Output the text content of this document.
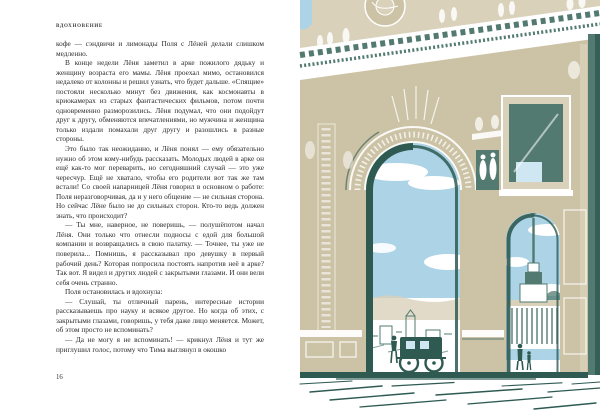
ВДОХНОВЕНИЕ

кофе — сэндвичи и лимонады Поля с Лёней делали слишком медленно.

В конце недели Лёня заметил в арке пожилого дядьку и женщину возраста его мамы. Лёня проехал мимо, остановился недалеко от колонны и решил узнать, что будет дальше. «Спящие» постояли несколько минут без движения, как космонавты в криокамерах из старых фантастических фильмов, потом почти одновременно разморозились. Лёня подумал, что они подойдут друг к другу, обменяются впечатлениями, но мужчина и женщина только издали помахали друг другу и разошлись в разные стороны.

Это было так неожиданно, и Лёня понял — ему обязательно нужно об этом кому-нибудь рассказать. Молодых людей в арке он ещё как-то мог переварить, но сегодняшний случай — это уже чересчур. Ещё не хватало, чтобы его родители вот так же там встали! Со своей напарницей Лёня говорил в основном о работе: Поля неразговорчивая, да и у него общение — не сильная сторона. Но сейчас Лёне было не до сильных сторон. Кто-то ведь должен знать, что происходит?

— Ты мне, наверное, не поверишь, — полушёпотом начал Лёня. Они только что отнесли подносы с едой для большой компании и возвращались в свою палатку. — Точнее, ты уже не поверила... Помнишь, я рассказывал про девушку в первый рабочий день? Которая попросила постоять напротив неё в арке? Так вот. Я видел и других людей с закрытыми глазами. И они вели себя очень странно.

Поля остановилась и вдохнула:

— Слушай, ты отличный парень, интересные истории рассказываешь про науку и всякое другое. Но когда об этих, с закрытыми глазами, говоришь, у тебя даже лицо меняется. Может, об этом просто не вспоминать?

— Да не могу я не вспоминать! — крикнул Лёня и тут же приглушил голос, потому что Тима выглянул в окошко

16
